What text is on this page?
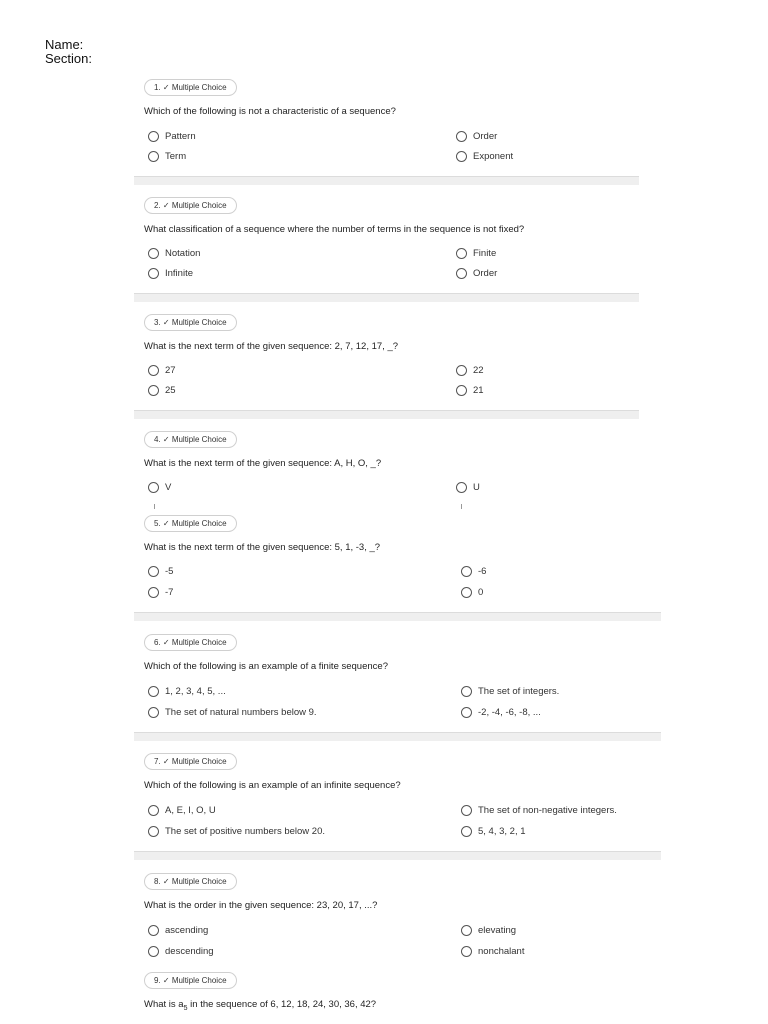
Name:
Section:
1. ✓ Multiple Choice
Which of the following is not a characteristic of a sequence?
Pattern	Order
Term	Exponent
2. ✓ Multiple Choice
What classification of a sequence where the number of terms in the sequence is not fixed?
Notation	Finite
Infinite	Order
3. ✓ Multiple Choice
What is the next term of the given sequence: 2, 7, 12, 17, _?
27	22
25	21
4. ✓ Multiple Choice
What is the next term of the given sequence: A, H, O, _?
V	U
5. ✓ Multiple Choice
What is the next term of the given sequence: 5, 1, -3, _?
-5	-6
-7	0
6. ✓ Multiple Choice
Which of the following is an example of a finite sequence?
1, 2, 3, 4, 5, ...	The set of integers.
The set of natural numbers below 9.	-2, -4, -6, -8, ...
7. ✓ Multiple Choice
Which of the following is an example of an infinite sequence?
A, E, I, O, U	The set of non-negative integers.
The set of positive numbers below 20.	5, 4, 3, 2, 1
8. ✓ Multiple Choice
What is the order in the given sequence: 23, 20, 17, ...?
ascending	elevating
descending	nonchalant
9. ✓ Multiple Choice
What is $a_5$ in the sequence of 6, 12, 18, 24, 30, 36, 42?
